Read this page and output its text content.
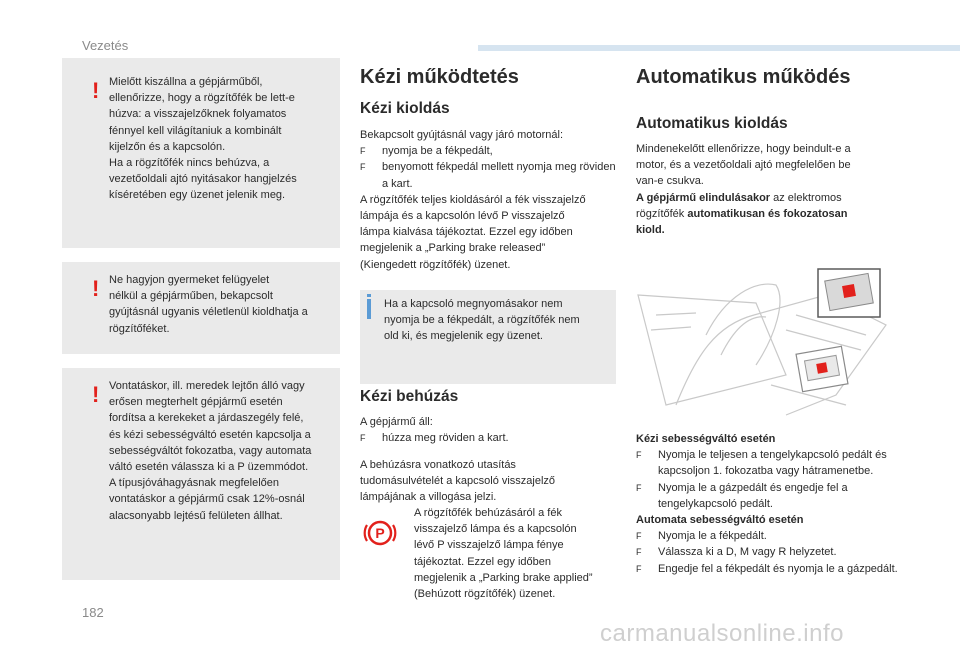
Vezetés
! Mielőtt kiszállna a gépjárműből,
ellenőrizze, hogy a rögzítőfék be lett-e
húzva: a visszajelzőknek folyamatos
fénnyel kell világítaniuk a kombinált
kijelzőn és a kapcsolón.
Ha a rögzítőfék nincs behúzva, a
vezetőoldali ajtó nyitásakor hangjelzés
kíséretében egy üzenet jelenik meg.
! Ne hagyjon gyermeket felügyelet
nélkül a gépjárműben, bekapcsolt
gyújtásnál ugyanis véletlenül kioldhatja a
rögzítőféket.
! Vontatáskor, ill. meredek lejtőn álló vagy
erősen megterhelt gépjármű esetén
fordítsa a kerekeket a járdaszegély felé,
és kézi sebességváltó esetén kapcsolja a
sebességváltót fokozatba, vagy automata
váltó esetén válassza ki a P üzemmódot.
A típusjóváhagyásnak megfelelően
vontatáskor a gépjármű csak 12%-osnál
alacsonyabb lejtésű felületen állhat.
Kézi működtetés
Kézi kioldás

Bekapcsolt gyújtásnál vagy járó motornál:

F nyomja be a fékpedált,

F benyomott fékpedál mellett nyomja meg röviden a kart.

A rögzítőfék teljes kioldásáról a fék visszajelző

lámpája és a kapcsolón lévő P visszajelző

lámpa kialvása tájékoztat. Ezzel egy időben

megjelenik a „Parking brake released”

(Kiengedett rögzítőfék) üzenet.

Ha a kapcsoló megnyomásakor nem
nyomja be a fékpedált, a rögzítőfék nem
old ki, és megjelenik egy üzenet.
Kézi behúzás

A gépjármű áll:

F húzza meg röviden a kart.

A behúzásra vonatkozó utasítás

tudomásulvételét a kapcsoló visszajelző

lámpájának a villogása jelzi.

P

A rögzítőfék behúzásáról a fék

visszajelző lámpa és a kapcsolón

lévő P visszajelző lámpa fénye

tájékoztat. Ezzel egy időben

megjelenik a „Parking brake applied”

(Behúzott rögzítőfék) üzenet.

Automatikus működés
Automatikus kioldás

Mindenekelőtt ellenőrizze, hogy beindult-e a

motor, és a vezetőoldali ajtó megfelelően be

van-e csukva.

A gépjármű elindulásakor az elektromos

rögzítőfék automatikusan és fokozatosan

kiold.

Kézi sebességváltó esetén

F Nyomja le teljesen a tengelykapcsoló pedált és kapcsoljon 1. fokozatba vagy hátramenetbe.

F Nyomja le a gázpedált és engedje fel a tengelykapcsoló pedált.

Automata sebességváltó esetén

F Nyomja le a fékpedált.

F Válassza ki a D, M vagy R helyzetet.

F Engedje fel a fékpedált és nyomja le a gázpedált.

182
carmanualsonline.info
